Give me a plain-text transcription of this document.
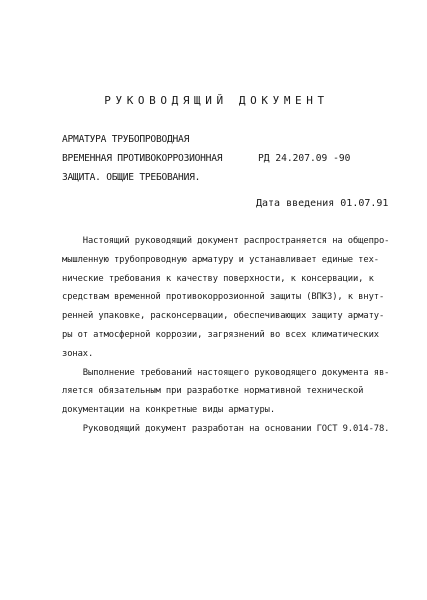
РУКОВОДЯЩИЙ ДОКУМЕНТ
АРМАТУРА ТРУБОПРОВОДНАЯ
ВРЕМЕННАЯ ПРОТИВОКОРРОЗИОННАЯ
ЗАЩИТА. ОБЩИЕ ТРЕБОВАНИЯ.
РД 24.207.09 -90
Дата введения 01.07.91
Настоящий руководящий документ распространяется на общепро-
мышленную трубопроводную арматуру и устанавливает единые тех-
нические требования к качеству поверхности, к консервации, к
средствам временной противокоррозионной защиты (ВПКЗ), к внут-
ренней упаковке, расконсервации, обеспечивающих защиту армату-
ры от атмосферной коррозии, загрязнений во всех климатических
зонах.
Выполнение требований настоящего руководящего документа яв-
ляется обязательным при разработке нормативной технической
документации на конкретные виды арматуры.
Руководящий документ разработан на основании ГОСТ 9.014-78.
